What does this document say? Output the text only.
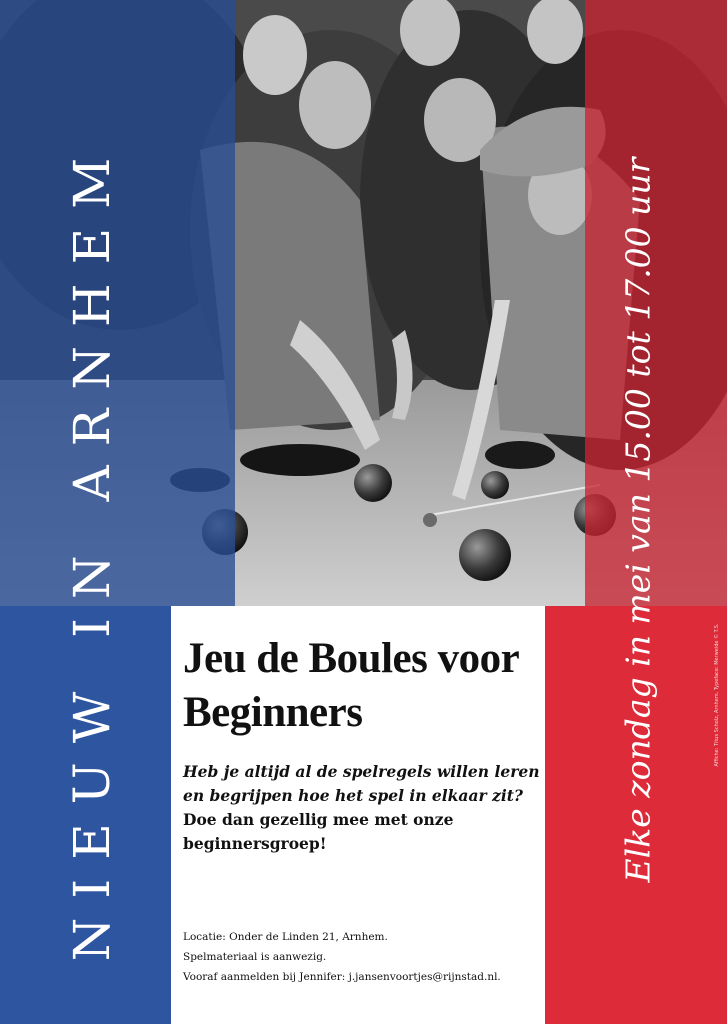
NIEUW IN ARNHEM	Elke zondag in mei van 15.00 tot 17.00 uur	Affiche: Titus Scholz, Arnhem. Typeface: Merweide © T.S.
Jeu de Boules voor
Beginners
Heb je altijd al de spelregels willen leren
en begrijpen hoe het spel in elkaar zit?
Doe dan gezellig mee met onze
beginnersgroep!
Locatie: Onder de Linden 21, Arnhem.
Spelmateriaal is aanwezig.
Vooraf aanmelden bij Jennifer: j.jansenvoortjes@rijnstad.nl.
